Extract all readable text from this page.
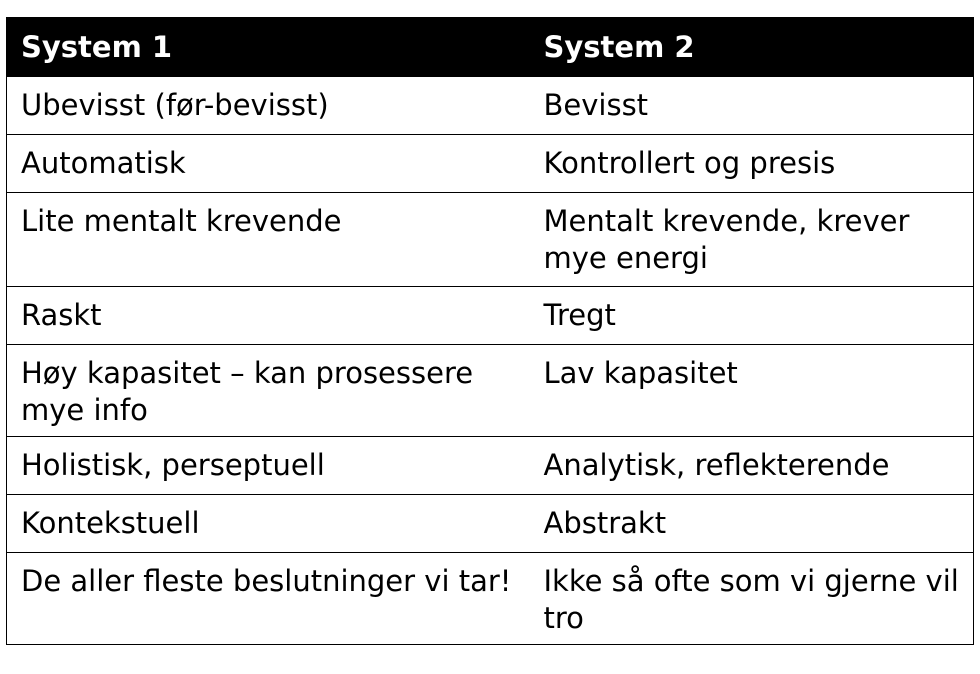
System 1	System 2
Ubevisst (før-bevisst)	Bevisst
Automatisk	Kontrollert og presis
Lite mentalt krevende	Mentalt krevende, krever mye energi
Raskt	Tregt
Høy kapasitet – kan prosessere mye info	Lav kapasitet
Holistisk, perseptuell	Analytisk, reflekterende
Kontekstuell	Abstrakt
De aller fleste beslutninger vi tar!	Ikke så ofte som vi gjerne vil tro
